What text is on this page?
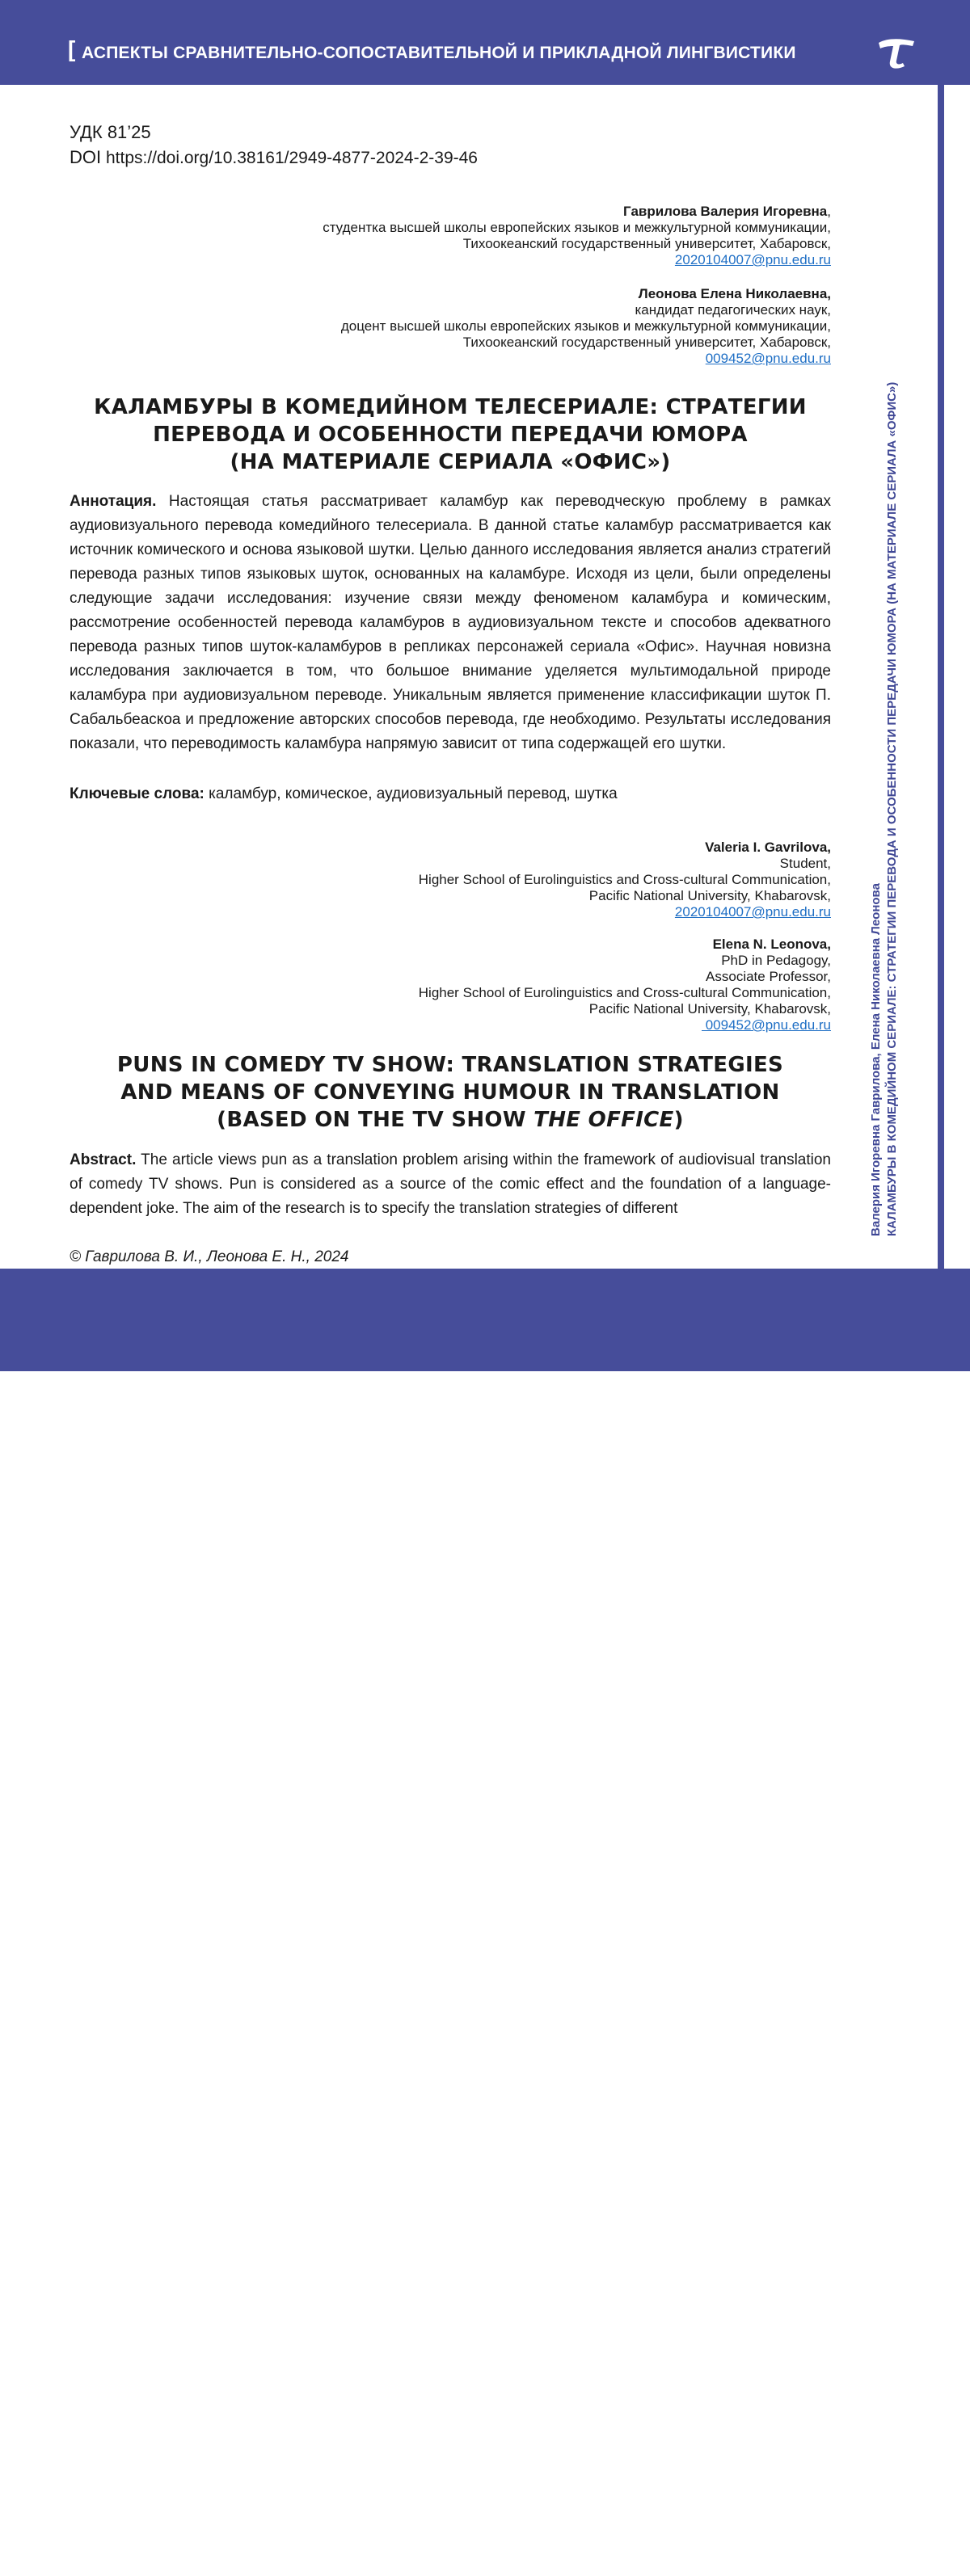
[ АСПЕКТЫ СРАВНИТЕЛЬНО-СОПОСТАВИТЕЛЬНОЙ И ПРИКЛАДНОЙ ЛИНГВИСТИКИ
УДК 81’25
DOI https://doi.org/10.38161/2949-4877-2024-2-39-46
Гаврилова Валерия Игоревна,
студентка высшей школы европейских языков и межкультурной коммуникации,
Тихоокеанский государственный университет, Хабаровск,
2020104007@pnu.edu.ru
Леонова Елена Николаевна,
кандидат педагогических наук,
доцент высшей школы европейских языков и межкультурной коммуникации,
Тихоокеанский государственный университет, Хабаровск,
009452@pnu.edu.ru
КАЛАМБУРЫ В КОМЕДИЙНОМ ТЕЛЕСЕРИАЛЕ: СТРАТЕГИИ
ПЕРЕВОДА И ОСОБЕННОСТИ ПЕРЕДАЧИ ЮМОРА
(НА МАТЕРИАЛЕ СЕРИАЛА «ОФИС»)
Аннотация. Настоящая статья рассматривает каламбур как переводческую проблему в рамках аудиовизуального перевода комедийного телесериала. В данной статье каламбур рассматривается как источник комического и основа языковой шутки. Целью данного исследования является анализ стратегий перевода разных типов языковых шуток, основанных на каламбуре. Исходя из цели, были определены следующие задачи исследования: изучение связи между феноменом каламбура и комическим, рассмотрение особенностей перевода каламбуров в аудиовизуальном тексте и способов адекватного перевода разных типов шуток-каламбуров в репликах персонажей сериала «Офис». Научная новизна исследования заключается в том, что большое внимание уделяется мультимодальной природе каламбура при аудиовизуальном переводе. Уникальным является применение классификации шуток П. Сабальбеаскоа и предложение авторских способов перевода, где необходимо. Результаты исследования показали, что переводимость каламбура напрямую зависит от типа содержащей его шутки.
Ключевые слова: каламбур, комическое, аудиовизуальный перевод, шутка
Valeria I. Gavrilova,
Student,
Higher School of Eurolinguistics and Cross-cultural Communication,
Pacific National University, Khabarovsk,
2020104007@pnu.edu.ru
Elena N. Leonova,
PhD in Pedagogy,
Associate Professor,
Higher School of Eurolinguistics and Cross-cultural Communication,
Pacific National University, Khabarovsk,
009452@pnu.edu.ru
PUNS IN COMEDY TV SHOW: TRANSLATION STRATEGIES
AND MEANS OF CONVEYING HUMOUR IN TRANSLATION
(BASED ON THE TV SHOW THE OFFICE)
Abstract. The article views pun as a translation problem arising within the framework of audiovisual translation of comedy TV shows. Pun is considered as a source of the comic effect and the foundation of a language-dependent joke. The aim of the research is to specify the translation strategies of different	Валерия Игоревна Гаврилова, Елена Николаевна Леонова КАЛАМБУРЫ В КОМЕДИЙНОМ СЕРИАЛЕ: СТРАТЕГИИ ПЕРЕВОДА И ОСОБЕННОСТИ ПЕРЕДАЧИ ЮМОРА (НА МАТЕРИАЛЕ СЕРИАЛА «ОФИС»)
© Гаврилова В. И., Леонова Е. Н., 2024
39
